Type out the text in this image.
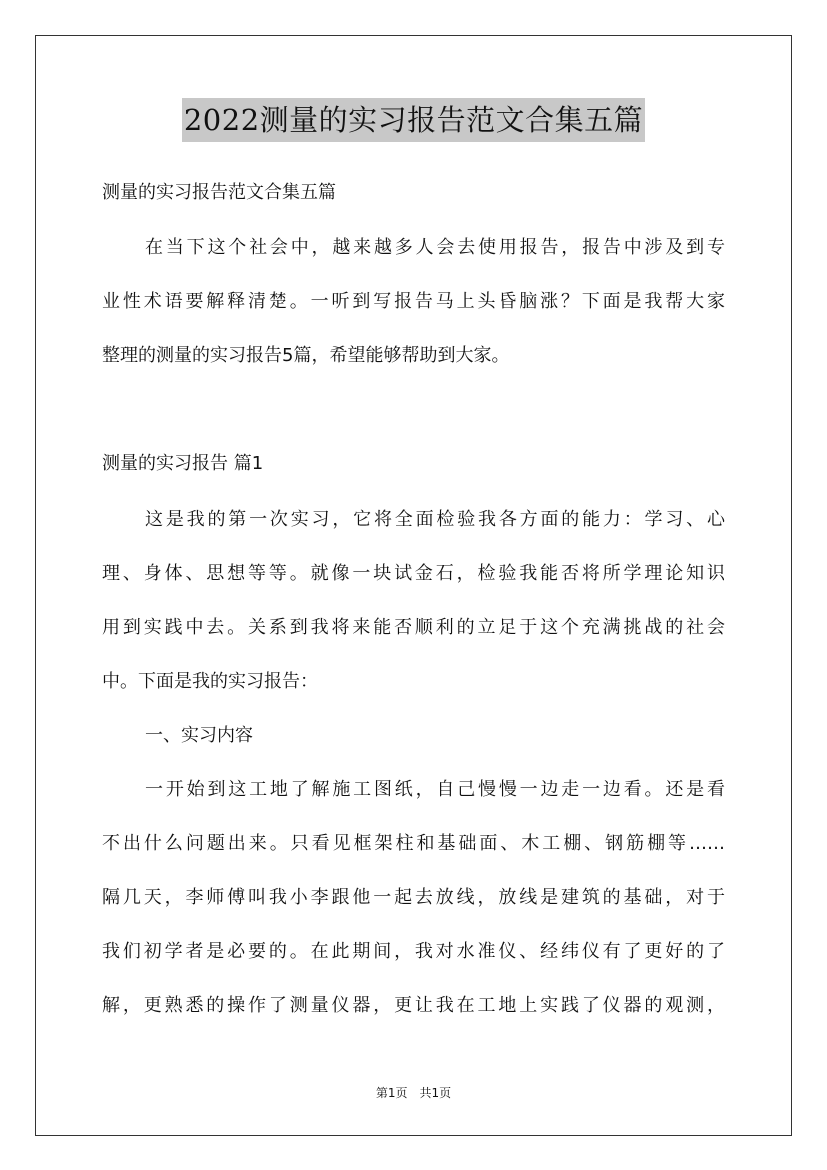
2022测量的实习报告范文合集五篇
测量的实习报告范文合集五篇
在当下这个社会中，越来越多人会去使用报告，报告中涉及到专
业性术语要解释清楚。一听到写报告马上头昏脑涨？下面是我帮大家
整理的测量的实习报告5篇，希望能够帮助到大家。
测量的实习报告 篇1
这是我的第一次实习，它将全面检验我各方面的能力：学习、心
理、身体、思想等等。就像一块试金石，检验我能否将所学理论知识
用到实践中去。关系到我将来能否顺利的立足于这个充满挑战的社会
中。下面是我的实习报告：
一、实习内容
一开始到这工地了解施工图纸，自己慢慢一边走一边看。还是看
不出什么问题出来。只看见框架柱和基础面、木工棚、钢筋棚等……
隔几天，李师傅叫我小李跟他一起去放线，放线是建筑的基础，对于
我们初学者是必要的。在此期间，我对水准仪、经纬仪有了更好的了
解，更熟悉的操作了测量仪器，更让我在工地上实践了仪器的观测，
第1页　共1页
